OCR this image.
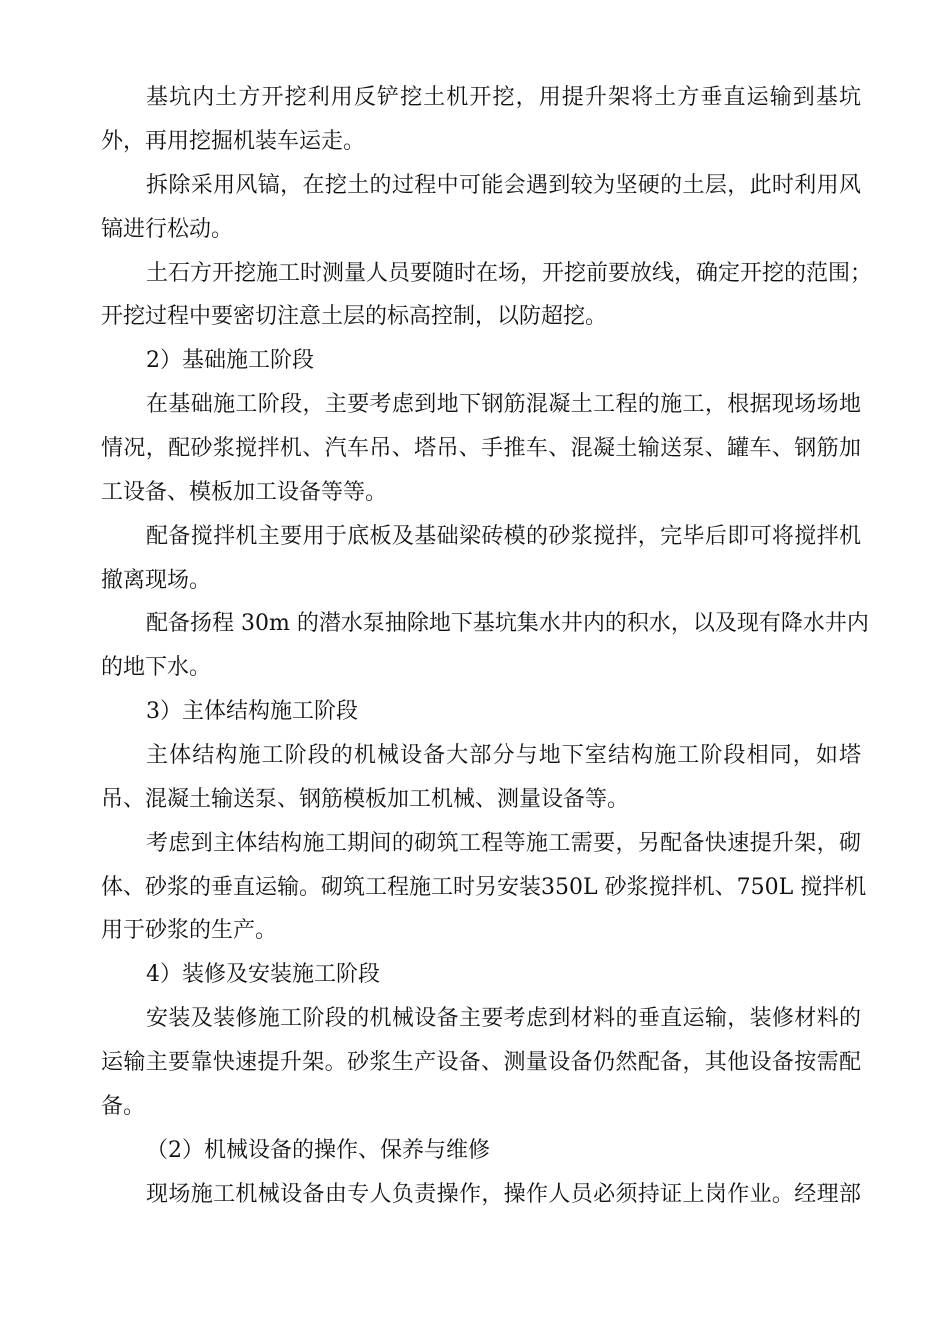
基坑内土方开挖利用反铲挖土机开挖，用提升架将土方垂直运输到基坑
外，再用挖掘机装车运走。
拆除采用风镐，在挖土的过程中可能会遇到较为坚硬的土层，此时利用风
镐进行松动。
土石方开挖施工时测量人员要随时在场，开挖前要放线，确定开挖的范围；
开挖过程中要密切注意土层的标高控制，以防超挖。
2）基础施工阶段
在基础施工阶段，主要考虑到地下钢筋混凝土工程的施工，根据现场场地
情况，配砂浆搅拌机、汽车吊、塔吊、手推车、混凝土输送泵、罐车、钢筋加
工设备、模板加工设备等等。
配备搅拌机主要用于底板及基础梁砖模的砂浆搅拌，完毕后即可将搅拌机
撤离现场。
配备扬程 30m 的潜水泵抽除地下基坑集水井内的积水，以及现有降水井内
的地下水。
3）主体结构施工阶段
主体结构施工阶段的机械设备大部分与地下室结构施工阶段相同，如塔
吊、混凝土输送泵、钢筋模板加工机械、测量设备等。
考虑到主体结构施工期间的砌筑工程等施工需要，另配备快速提升架，砌
体、砂浆的垂直运输。砌筑工程施工时另安装350L 砂浆搅拌机、750L 搅拌机
用于砂浆的生产。
4）装修及安装施工阶段
安装及装修施工阶段的机械设备主要考虑到材料的垂直运输，装修材料的
运输主要靠快速提升架。砂浆生产设备、测量设备仍然配备，其他设备按需配
备。
（2）机械设备的操作、保养与维修
现场施工机械设备由专人负责操作，操作人员必须持证上岗作业。经理部
